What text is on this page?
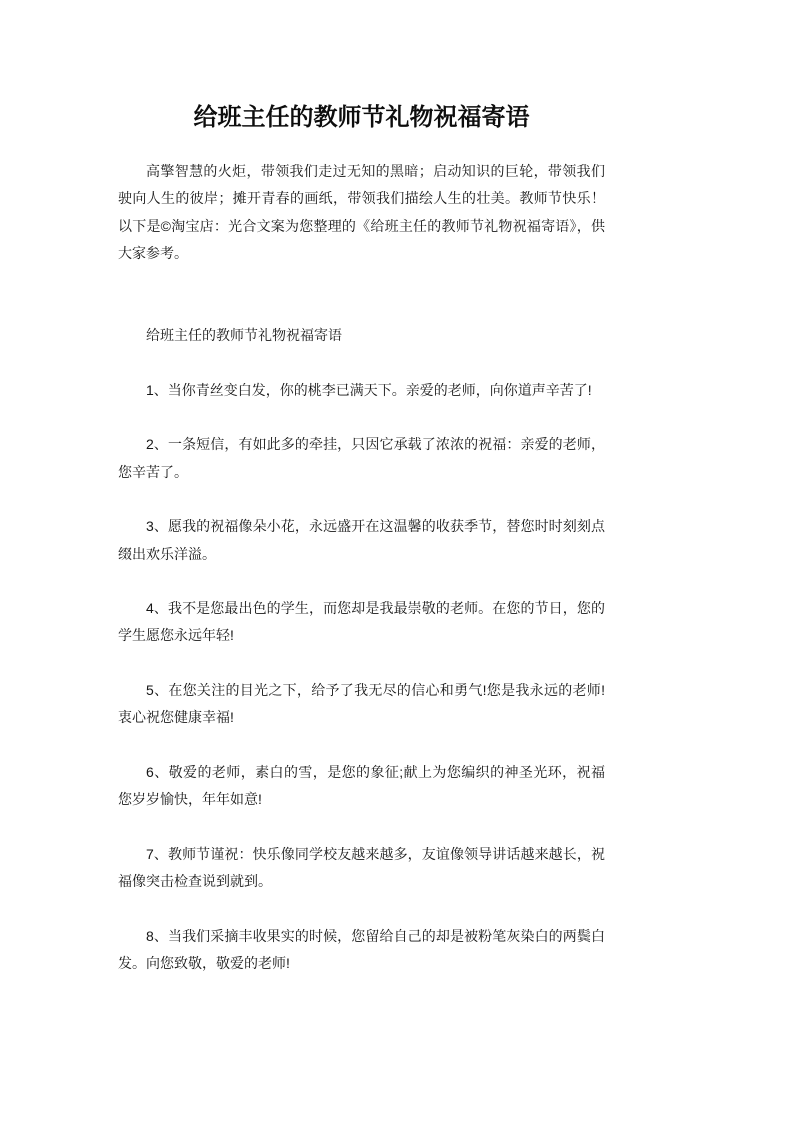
给班主任的教师节礼物祝福寄语

高擎智慧的火炬，带领我们走过无知的黑暗；启动知识的巨轮，带领我们驶向人生的彼岸；摊开青春的画纸，带领我们描绘人生的壮美。教师节快乐！以下是©淘宝店：光合文案为您整理的《给班主任的教师节礼物祝福寄语》，供大家参考。

给班主任的教师节礼物祝福寄语

1、当你青丝变白发，你的桃李已满天下。亲爱的老师，向你道声辛苦了!

2、一条短信，有如此多的牵挂，只因它承载了浓浓的祝福：亲爱的老师，您辛苦了。

3、愿我的祝福像朵小花，永远盛开在这温馨的收获季节，替您时时刻刻点缀出欢乐洋溢。

4、我不是您最出色的学生，而您却是我最崇敬的老师。在您的节日，您的学生愿您永远年轻!

5、在您关注的目光之下，给予了我无尽的信心和勇气!您是我永远的老师!衷心祝您健康幸福!

6、敬爱的老师，素白的雪，是您的象征;献上为您编织的神圣光环，祝福您岁岁愉快，年年如意!

7、教师节谨祝：快乐像同学校友越来越多，友谊像领导讲话越来越长，祝福像突击检查说到就到。

8、当我们采摘丰收果实的时候，您留给自己的却是被粉笔灰染白的两鬓白发。向您致敬，敬爱的老师!
